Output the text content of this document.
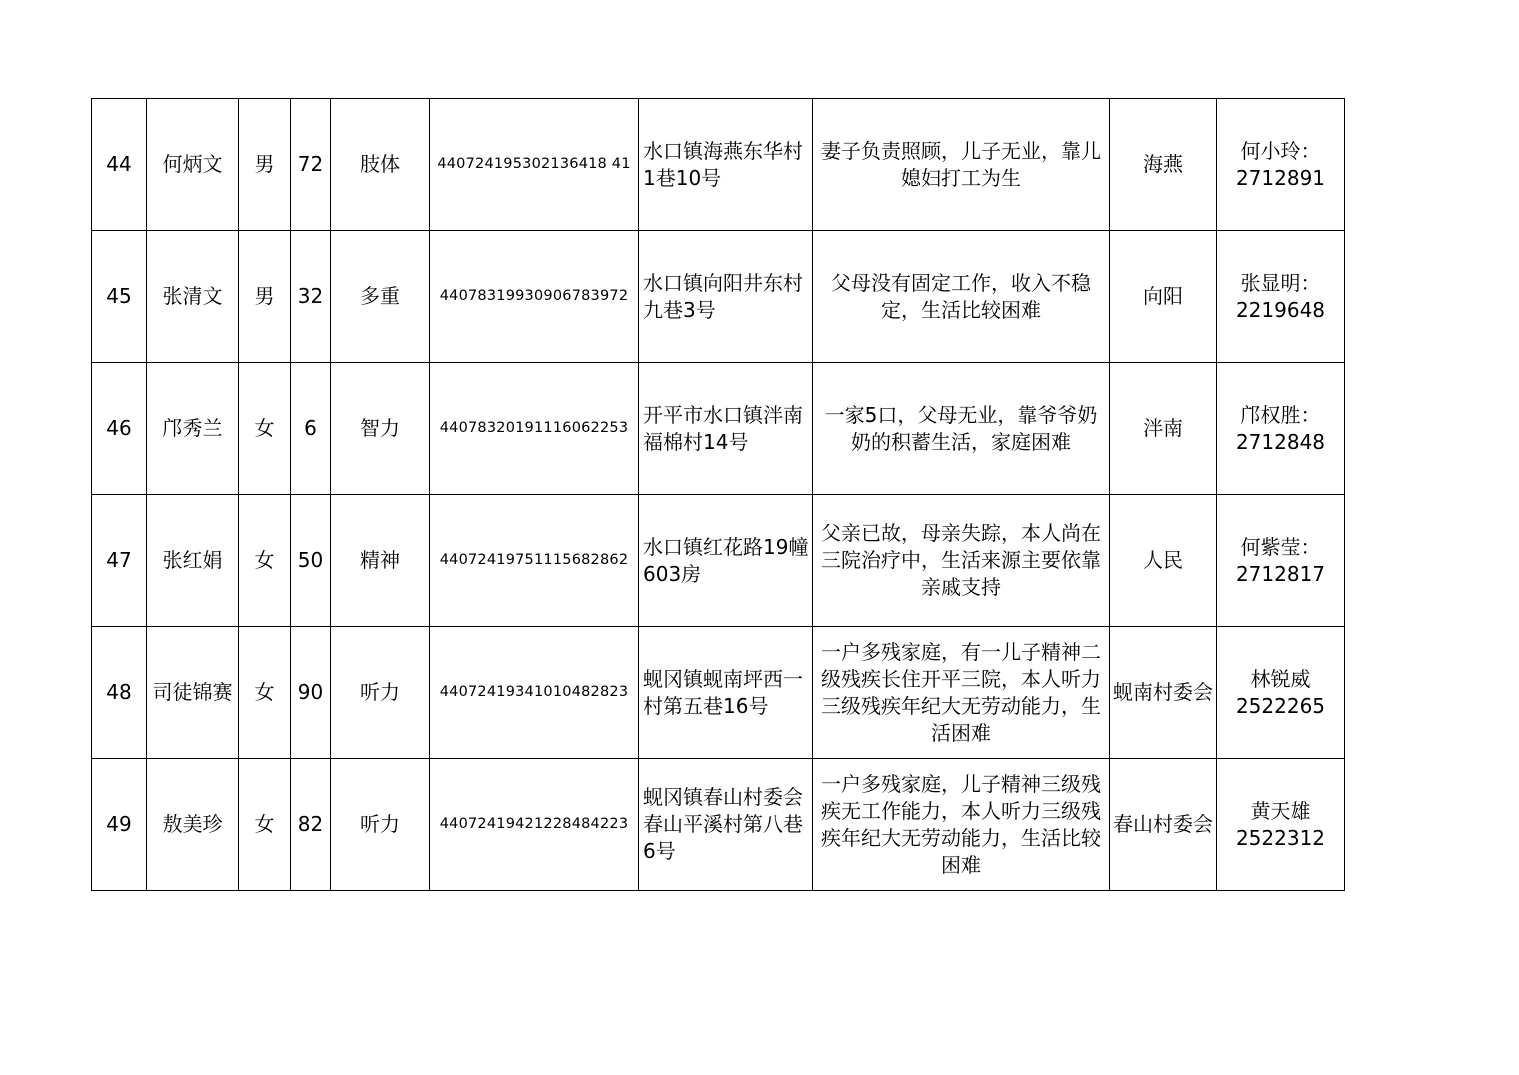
44	何炳文	男	72	肢体	440724195302136418 41	水口镇海燕东华村1巷10号	妻子负责照顾，儿子无业，靠儿媳妇打工为生	海燕	何小玲：2712891
45	张清文	男	32	多重	44078319930906783972	水口镇向阳井东村九巷3号	父母没有固定工作，收入不稳定，生活比较困难	向阳	张显明：2219648
46	邝秀兰	女	6	智力	44078320191116062253	开平市水口镇泮南福棉村14号	一家5口，父母无业，靠爷爷奶奶的积蓄生活，家庭困难	泮南	邝权胜：2712848
47	张红娟	女	50	精神	44072419751115682862	水口镇红花路19幢603房	父亲已故，母亲失踪，本人尚在三院治疗中，生活来源主要依靠亲戚支持	人民	何紫莹：2712817
48	司徒锦赛	女	90	听力	44072419341010482823	蚬冈镇蚬南坪西一村第五巷16号	一户多残家庭，有一儿子精神二级残疾长住开平三院，本人听力三级残疾年纪大无劳动能力，生活困难	蚬南村委会	林锐威 2522265
49	敖美珍	女	82	听力	44072419421228484223	蚬冈镇春山村委会春山平溪村第八巷6号	一户多残家庭，儿子精神三级残疾无工作能力，本人听力三级残疾年纪大无劳动能力，生活比较困难	春山村委会	黄天雄 2522312
